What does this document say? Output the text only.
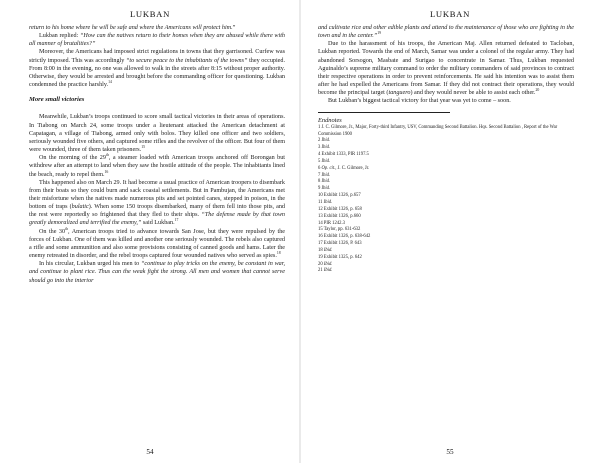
LUKBAN

return to his home where he will be safe and where the Americans will protect him.”

Lukban replied: “How can the natives return to their homes when they are abused while there with all manner of brutalities?”

Moreover, the Americans had imposed strict regulations in towns that they garrisoned. Curfew was strictly imposed. This was accordingly “to secure peace to the inhabitants of the towns” they occupied. From 8:00 in the evening, no one was allowed to walk in the streets after 8:15 without proper authority. Otherwise, they would be arrested and brought before the commanding officer for questioning. Lukban condemned the practice harshly.$^{14}$

More small victories

Meanwhile, Lukban’s troops continued to score small tactical victories in their areas of operations. In Tiabong on March 24, some troops under a lieutenant attacked the American detachment at Capatagan, a village of Tiabong, armed only with bolos. They killed one officer and two soldiers, seriously wounded five others, and captured some rifles and the revolver of the officer. But four of them were wounded, three of them taken prisoners.$^{15}$

On the morning of the 29th, a steamer loaded with American troops anchored off Borongan but withdrew after an attempt to land when they saw the hostile attitude of the people. The inhabitants lined the beach, ready to repel them.$^{16}$

This happened also on March 29. It had become a usual practice of American troopers to disembark from their boats so they could burn and sack coastal settlements. But in Pambujan, the Americans met their misfortune when the natives made numerous pits and set pointed canes, stepped in poison, in the bottom of traps (bulatic). When some 150 troops disembarked, many of them fell into those pits, and the rest were reportedly so frightened that they fled to their ships. “The defense made by that town greatly demoralized and terrified the enemy,” said Lukban.$^{17}$

On the 30th, American troops tried to advance towards San Jose, but they were repulsed by the forces of Lukban. One of them was killed and another one seriously wounded. The rebels also captured a rifle and some ammunition and also some provisions consisting of canned goods and hams. Later the enemy retreated in disorder, and the rebel troops captured four wounded natives who served as spies.$^{18}$

In his circular, Lukban urged his men to “continue to play tricks on the enemy, be constant in war, and continue to plant rice. Thus can the weak fight the strong. All men and women that cannot serve should go into the interior

54
LUKBAN

and cultivate rice and other edible plants and attend to the maintenance of those who are fighting in the town and in the center.”$^{19}$

Due to the harassment of his troops, the American Maj. Allen returned defeated to Tacloban, Lukban reported. Towards the end of March, Samar was under a colonel of the regular army. They had abandoned Sorsogon, Masbate and Surigao to concentrate in Samar. Thus, Lukban requested Aguinaldo’s supreme military command to order the military commanders of said provinces to contract their respective operations in order to prevent reinforcements. He said his intention was to assist them after he had expelled the Americans from Samar. If they did not contract their operations, they would become the principal target (tanguero) and they would never be able to assist each other.$^{20}$

But Lukban’s biggest tactical victory for that year was yet to come – soon.

Endnotes

1 J. C. Gilmore, Jr., Major, Forty-third Infantry, USV, Commanding Second Battalion. Hqs. Second Battalion , Report of the War Commission 1900
2 Ibid.
3 Ibid.
4 Exhibit 1333, PIR 1197.5
5 Ibid.
6 Op. cit., J. C. Gilmore, Jr.
7 Ibid.
8 Ibid.
9 Ibid.
10 Exhibit 1326, p.657
11 Ibid.
12 Exhibit 1326, p. 658
13 Exhibit 1326, p.660
14 PIR 1242.3
15 Taylor, pp. 631-632
16 Exhibit 1326, p. 638-642
17 Exhibit 1326, P. 643
18 Ibid.
19 Exhibit 1325, p. 642
20 Ibid.
21 Ibid.
55
